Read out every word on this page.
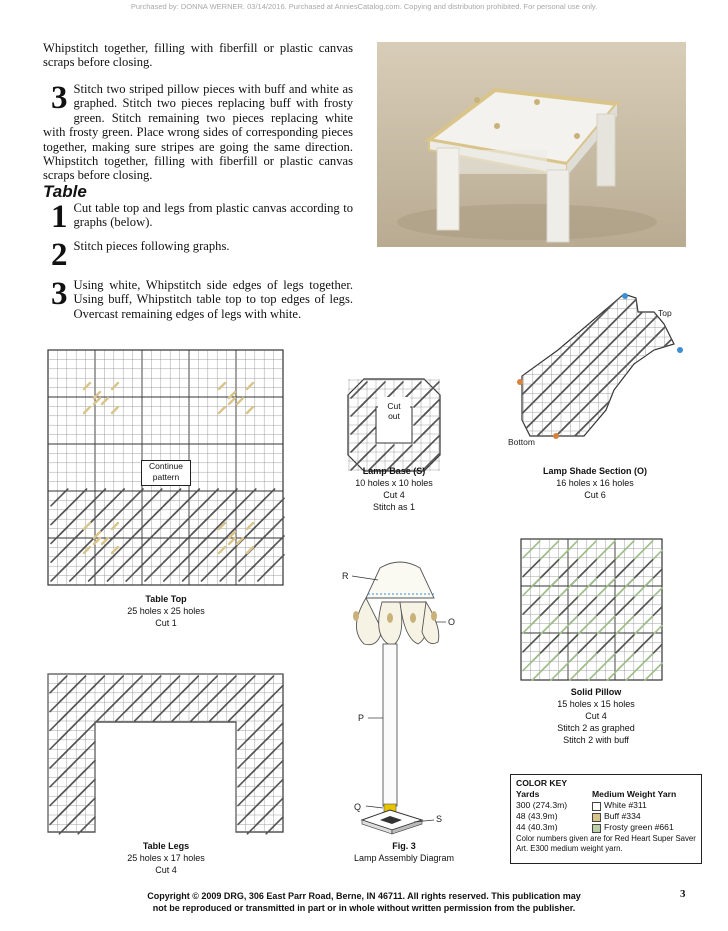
Purchased by: DONNA WERNER. 03/14/2016. Purchased at AnniesCatalog.com. Copying and distribution prohibited. For personal use only.
Whipstitch together, filling with fiberfill or plastic canvas scraps before closing.
3 Stitch two striped pillow pieces with buff and white as graphed. Stitch two pieces replacing buff with frosty green. Stitch remaining two pieces replacing white with frosty green. Place wrong sides of corresponding pieces together, making sure stripes are going the same direction. Whipstitch together, filling with fiberfill or plastic canvas scraps before closing.
Table
1 Cut table top and legs from plastic canvas according to graphs (below).
2 Stitch pieces following graphs.
3 Using white, Whipstitch side edges of legs together. Using buff, Whipstitch table top to top edges of legs. Overcast remaining edges of legs with white.
Continue
pattern
Table Top
25 holes x 25 holes
Cut 1
Cut
out
Lamp Base (S)
10 holes x 10 holes
Cut 4
Stitch as 1
Top
Bottom
Lamp Shade Section (O)
16 holes x 16 holes
Cut 6
Solid Pillow
15 holes x 15 holes
Cut 4
Stitch 2 as graphed
Stitch 2 with buff
Table Legs
25 holes x 17 holes
Cut 4
R
O
P
Q
S
Fig. 3
Lamp Assembly Diagram
COLOR KEY
Yards	Medium Weight Yarn
300 (274.3m)	White #311
48 (43.9m)	Buff #334
44 (40.3m)	Frosty green #661
Color numbers given are for Red Heart Super Saver Art. E300 medium weight yarn.
Copyright © 2009 DRG, 306 East Parr Road, Berne, IN 46711. All rights reserved. This publication may
not be reproduced or transmitted in part or in whole without written permission from the publisher.
3
